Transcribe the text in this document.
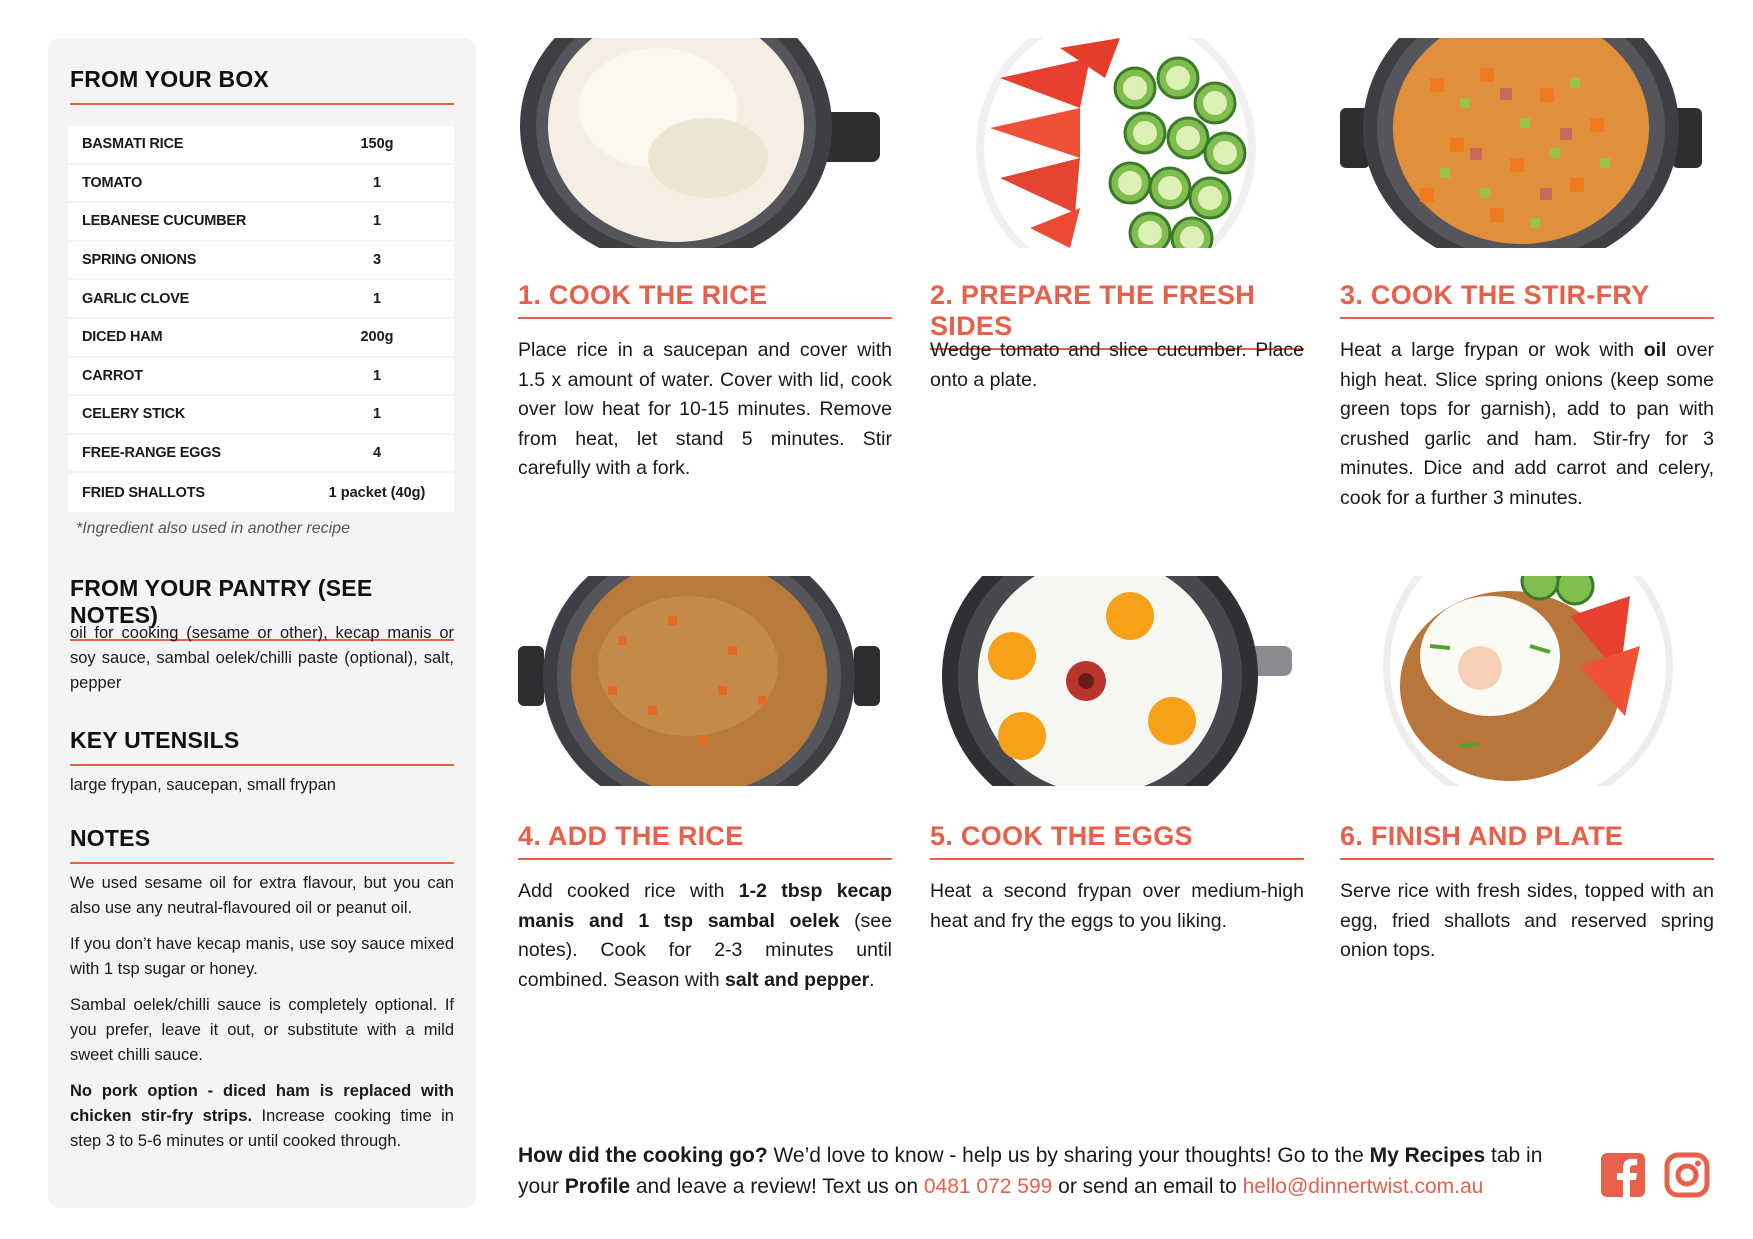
FROM YOUR BOX
BASMATI RICE	150g
TOMATO	1
LEBANESE CUCUMBER	1
SPRING ONIONS	3
GARLIC CLOVE	1
DICED HAM	200g
CARROT	1
CELERY STICK	1
FREE-RANGE EGGS	4
FRIED SHALLOTS	1 packet (40g)
*Ingredient also used in another recipe
FROM YOUR PANTRY (SEE NOTES)
oil for cooking (sesame or other), kecap manis or soy sauce, sambal oelek/chilli paste (optional), salt, pepper
KEY UTENSILS
large frypan, saucepan, small frypan
NOTES

We used sesame oil for extra flavour, but you can also use any neutral-flavoured oil or peanut oil.

If you don’t have kecap manis, use soy sauce mixed with 1 tsp sugar or honey.

Sambal oelek/chilli sauce is completely optional. If you prefer, leave it out, or substitute with a mild sweet chilli sauce.

No pork option - diced ham is replaced with chicken stir-fry strips. Increase cooking time in step 3 to 5-6 minutes or until cooked through.

1. COOK THE RICE
Place rice in a saucepan and cover with 1.5 x amount of water. Cover with lid, cook over low heat for 10-15 minutes. Remove from heat, let stand 5 minutes. Stir carefully with a fork.
2. PREPARE THE FRESH SIDES
Wedge tomato and slice cucumber. Place onto a plate.
3. COOK THE STIR-FRY
Heat a large frypan or wok with oil over high heat. Slice spring onions (keep some green tops for garnish), add to pan with crushed garlic and ham. Stir-fry for 3 minutes. Dice and add carrot and celery, cook for a further 3 minutes.
4. ADD THE RICE
Add cooked rice with 1-2 tbsp kecap manis and 1 tsp sambal oelek (see notes). Cook for 2-3 minutes until combined. Season with salt and pepper.
5. COOK THE EGGS
Heat a second frypan over medium-high heat and fry the eggs to you liking.
6. FINISH AND PLATE
Serve rice with fresh sides, topped with an egg, fried shallots and reserved spring onion tops.
How did the cooking go? We’d love to know - help us by sharing your thoughts! Go to the My Recipes tab in your Profile and leave a review! Text us on 0481 072 599 or send an email to hello@dinnertwist.com.au
